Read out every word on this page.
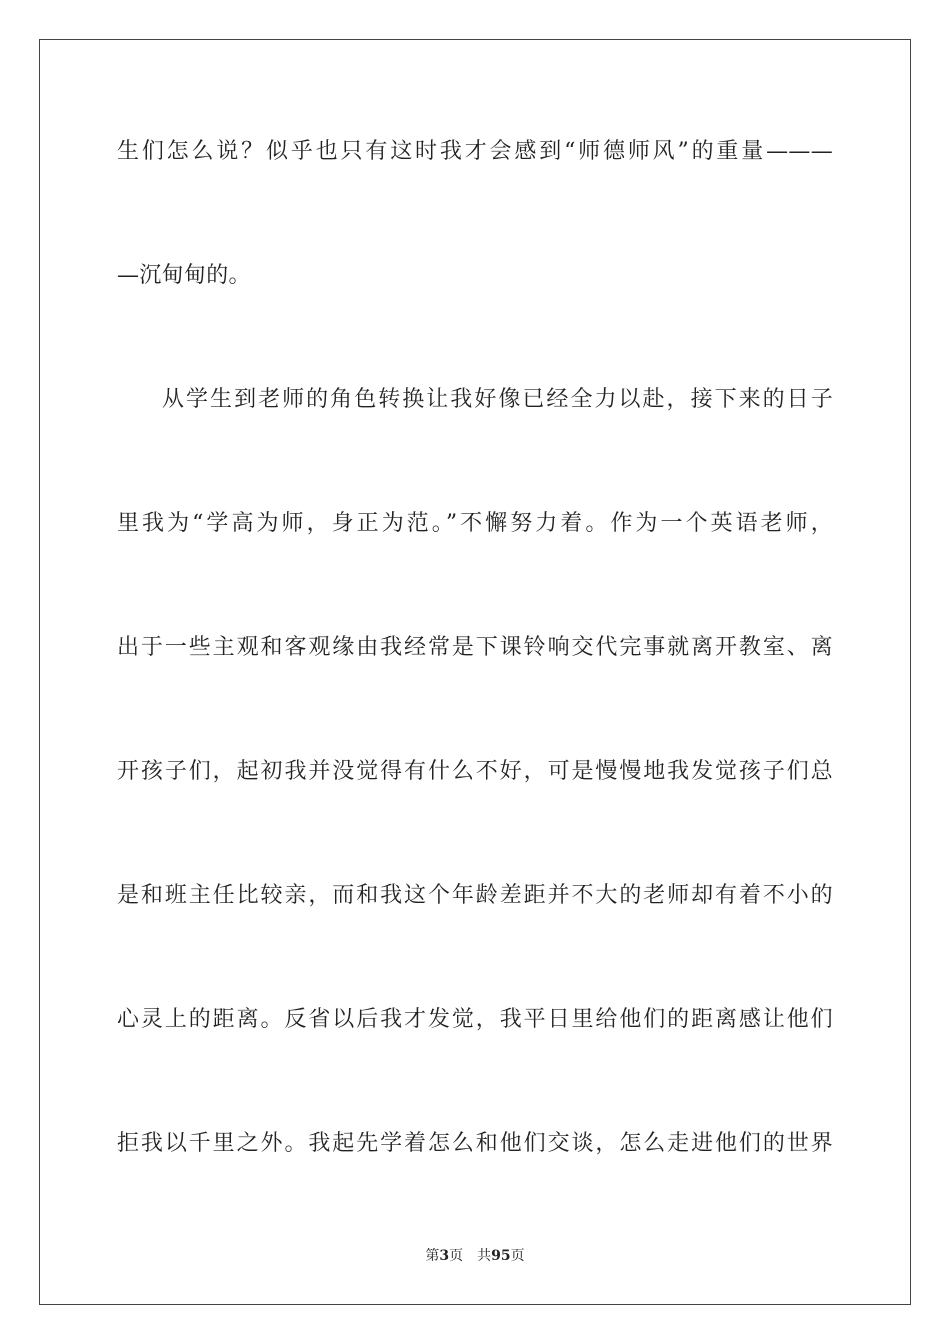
生们怎么说？似乎也只有这时我才会感到“师德师风”的重量———
—沉甸甸的。
从学生到老师的角色转换让我好像已经全力以赴，接下来的日子
里我为“学高为师，身正为范。”不懈努力着。作为一个英语老师，
出于一些主观和客观缘由我经常是下课铃响交代完事就离开教室、离
开孩子们，起初我并没觉得有什么不好，可是慢慢地我发觉孩子们总
是和班主任比较亲，而和我这个年龄差距并不大的老师却有着不小的
心灵上的距离。反省以后我才发觉，我平日里给他们的距离感让他们
拒我以千里之外。我起先学着怎么和他们交谈，怎么走进他们的世界
第3页 共95页
